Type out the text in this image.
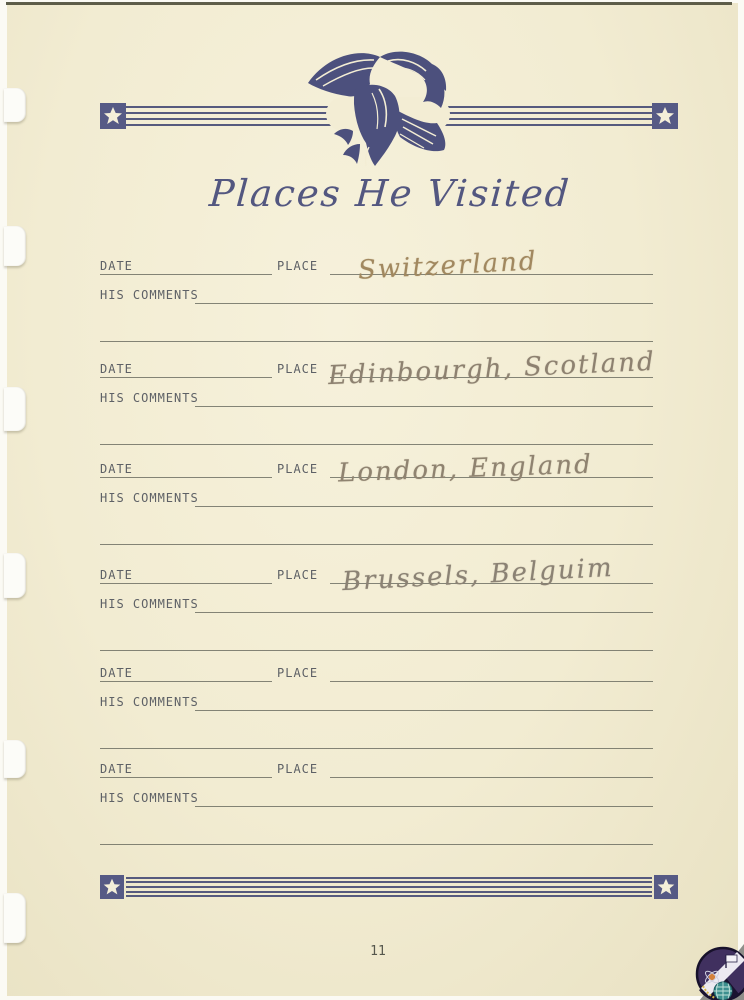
Places He Visited
DATE	PLACE Switzerland
HIS COMMENTS
DATE	PLACE Edinbourgh, Scotland
HIS COMMENTS
DATE	PLACE London, England
HIS COMMENTS
DATE	PLACE Brussels, Belguim
HIS COMMENTS
DATE	PLACE
HIS COMMENTS
DATE	PLACE
HIS COMMENTS
11
